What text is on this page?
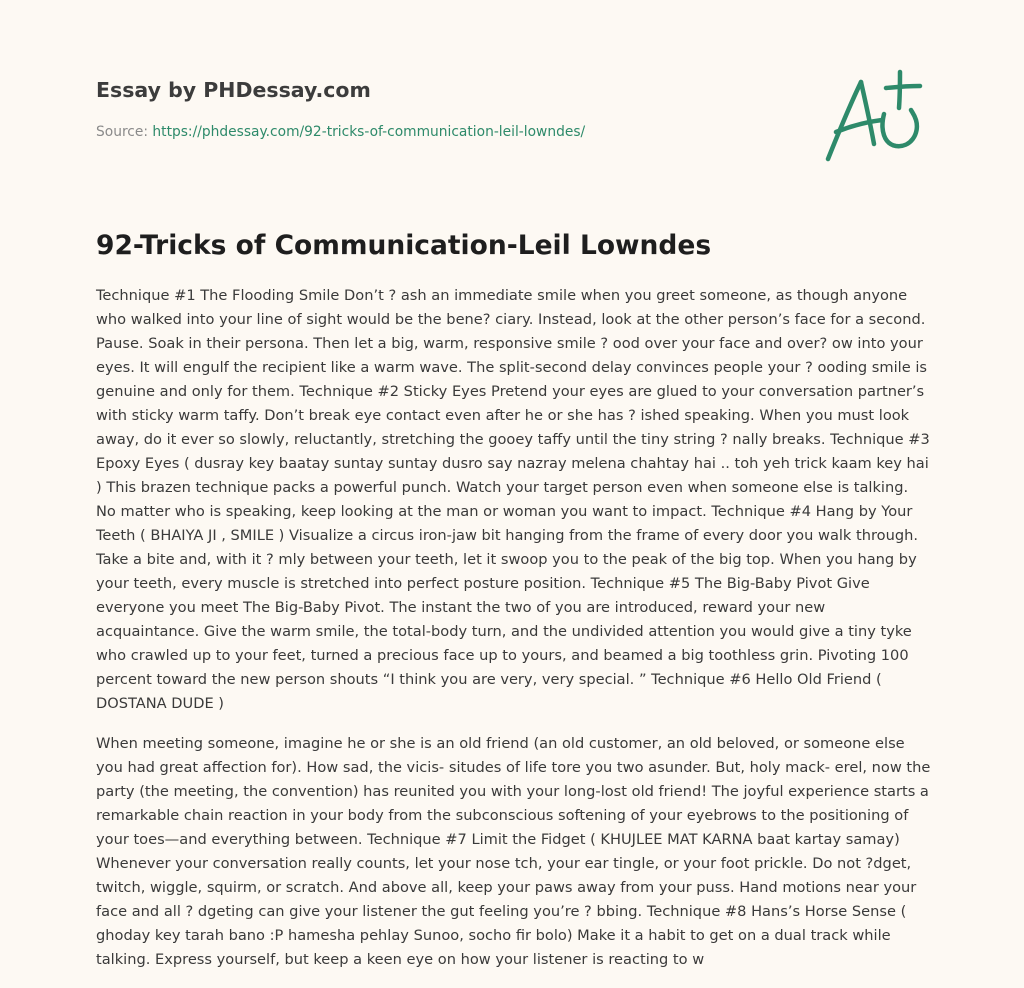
Essay by PHDessay.com
Source: https://phdessay.com/92-tricks-of-communication-leil-lowndes/
92-Tricks of Communication-Leil Lowndes

Technique #1 The Flooding Smile Don’t ? ash an immediate smile when you greet someone, as though anyone who walked into your line of sight would be the bene? ciary. Instead, look at the other person’s face for a second. Pause. Soak in their persona. Then let a big, warm, responsive smile ? ood over your face and over? ow into your eyes. It will engulf the recipient like a warm wave. The split-second delay convinces people your ? ooding smile is genuine and only for them. Technique #2 Sticky Eyes Pretend your eyes are glued to your conversation partner’s with sticky warm taffy. Don’t break eye contact even after he or she has ? ished speaking. When you must look away, do it ever so slowly, reluctantly, stretching the gooey taffy until the tiny string ? nally breaks. Technique #3 Epoxy Eyes ( dusray key baatay suntay suntay dusro say nazray melena chahtay hai .. toh yeh trick kaam key hai ) This brazen technique packs a powerful punch. Watch your target person even when someone else is talking. No matter who is speaking, keep looking at the man or woman you want to impact. Technique #4 Hang by Your Teeth ( BHAIYA JI , SMILE ) Visualize a circus iron-jaw bit hanging from the frame of every door you walk through. Take a bite and, with it ? mly between your teeth, let it swoop you to the peak of the big top. When you hang by your teeth, every muscle is stretched into perfect posture position. Technique #5 The Big-Baby Pivot Give everyone you meet The Big-Baby Pivot. The instant the two of you are introduced, reward your new acquaintance. Give the warm smile, the total-body turn, and the undivided attention you would give a tiny tyke who crawled up to your feet, turned a precious face up to yours, and beamed a big toothless grin. Pivoting 100 percent toward the new person shouts “I think you are very, very special. ” Technique #6 Hello Old Friend ( DOSTANA DUDE )

When meeting someone, imagine he or she is an old friend (an old customer, an old beloved, or someone else you had great affection for). How sad, the vicis- situdes of life tore you two asunder. But, holy mack- erel, now the party (the meeting, the convention) has reunited you with your long-lost old friend! The joyful experience starts a remarkable chain reaction in your body from the subconscious softening of your eyebrows to the positioning of your toes—and everything between. Technique #7 Limit the Fidget ( KHUJLEE MAT KARNA baat kartay samay) Whenever your conversation really counts, let your nose tch, your ear tingle, or your foot prickle. Do not ?dget, twitch, wiggle, squirm, or scratch. And above all, keep your paws away from your puss. Hand motions near your face and all ? dgeting can give your listener the gut feeling you’re ? bbing. Technique #8 Hans’s Horse Sense ( ghoday key tarah bano :P hamesha pehlay Sunoo, socho fir bolo) Make it a habit to get on a dual track while talking. Express yourself, but keep a keen eye on how your listener is reacting to w
